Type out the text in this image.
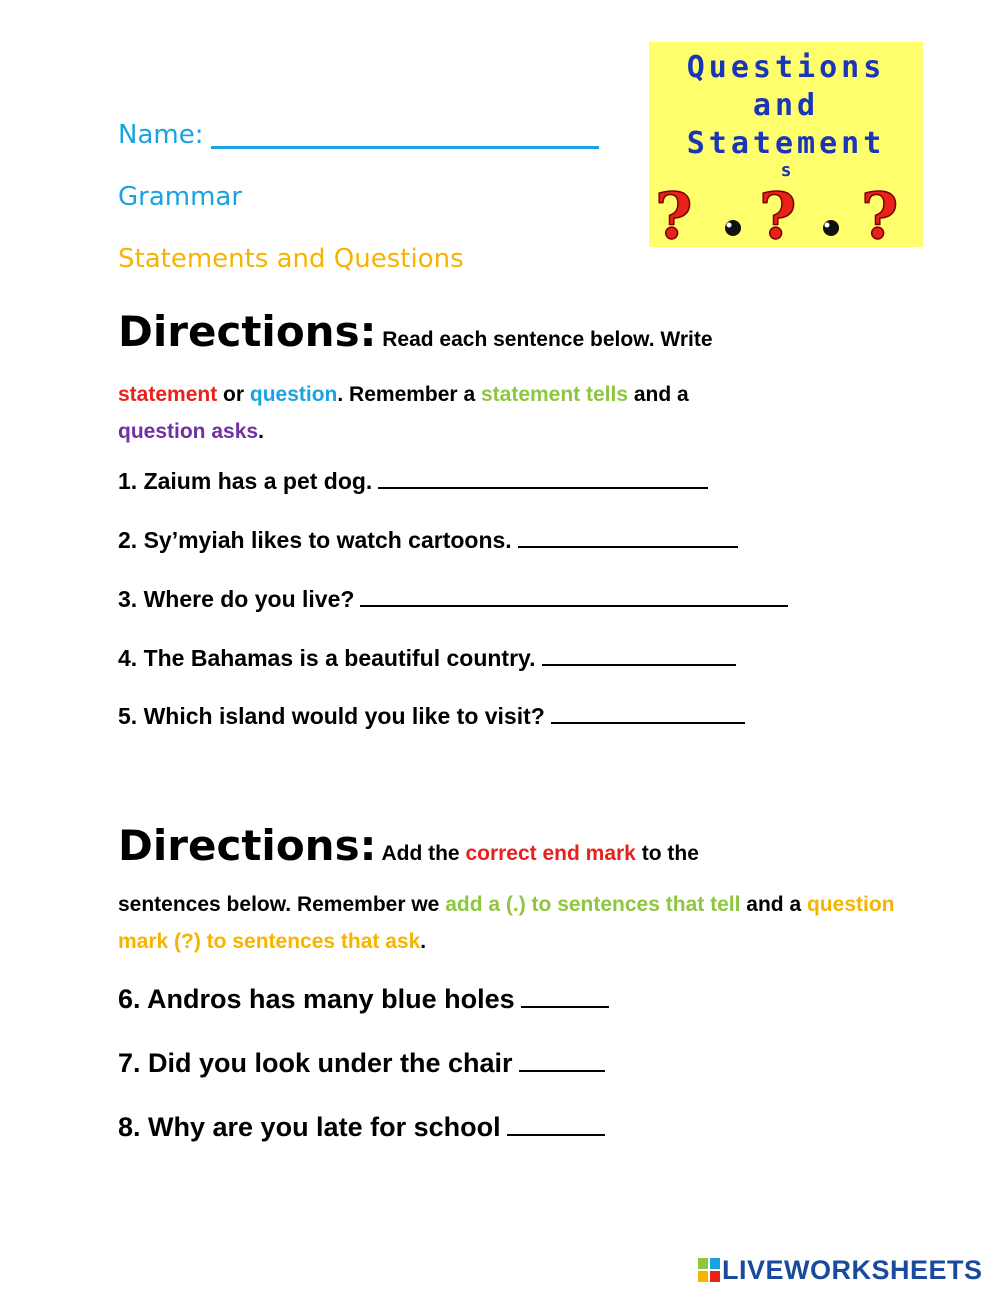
Name:
Grammar
Statements and Questions
Questions
and
Statement
s
? ? ?
Directions: Read each sentence below. Write
statement or question. Remember a statement tells and a
question asks.
1. Zaium has a pet dog.
2. Sy’myiah likes to watch cartoons.
3. Where do you live?
4. The Bahamas is a beautiful country.
5. Which island would you like to visit?
Directions: Add the correct end mark to the
sentences below. Remember we add a (.) to sentences that tell and a question mark (?) to sentences that ask.
6. Andros has many blue holes
7. Did you look under the chair
8. Why are you late for school
LIVEWORKSHEETS
